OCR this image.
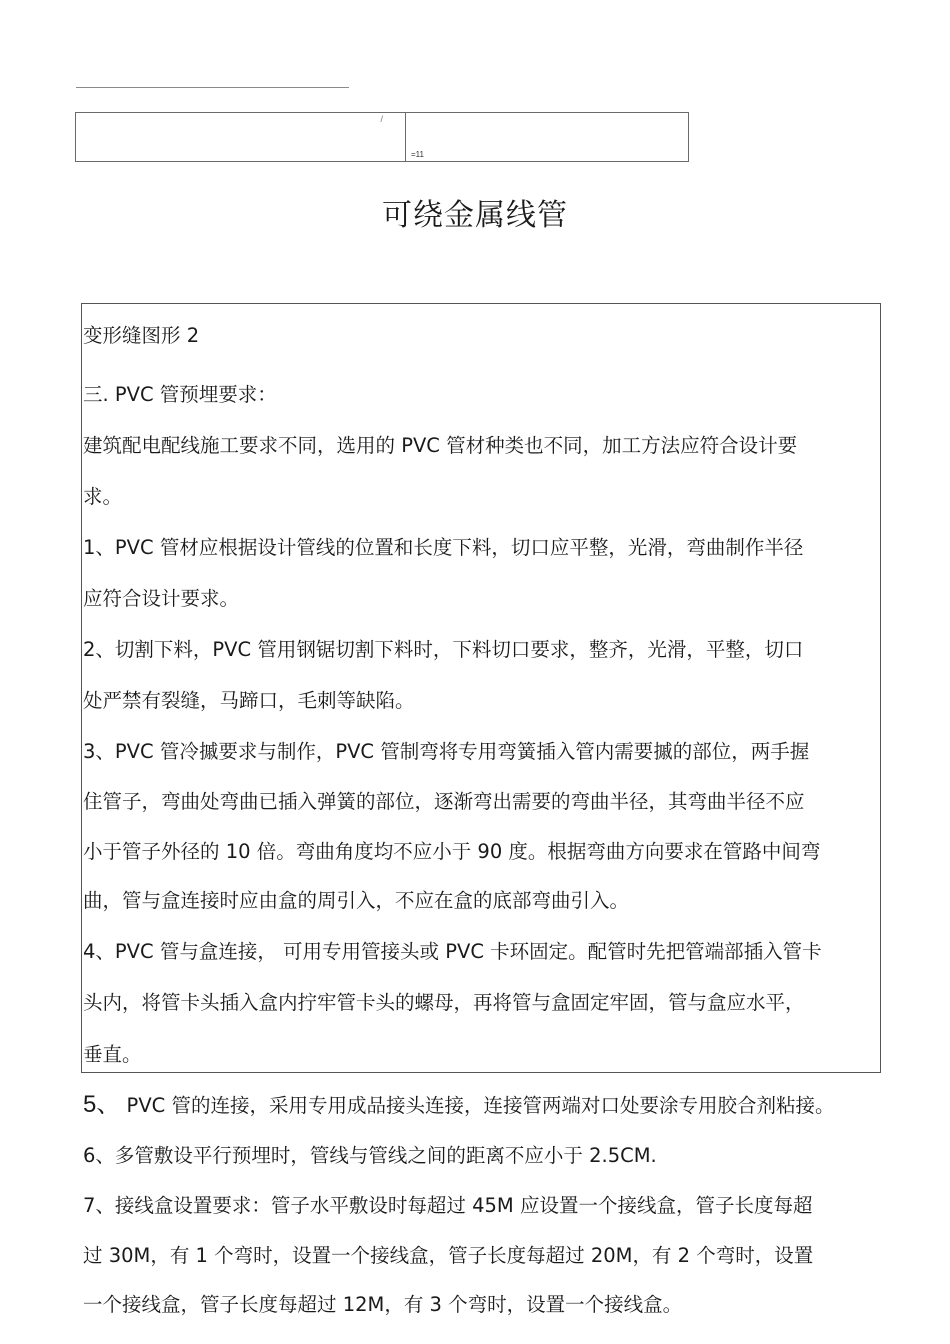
/
=11
可绕金属线管

变形缝图形 2

三. PVC 管预埋要求：

建筑配电配线施工要求不同，选用的 PVC 管材种类也不同，加工方法应符合设计要

求。

1、PVC 管材应根据设计管线的位置和长度下料，切口应平整，光滑，弯曲制作半径

应符合设计要求。

2、切割下料，PVC 管用钢锯切割下料时，下料切口要求，整齐，光滑，平整，切口

处严禁有裂缝，马蹄口，毛刺等缺陷。

3、PVC 管冷摵要求与制作，PVC 管制弯将专用弯簧插入管内需要摵的部位，两手握

住管子，弯曲处弯曲已插入弹簧的部位，逐渐弯出需要的弯曲半径，其弯曲半径不应

小于管子外径的 10 倍。弯曲角度均不应小于 90 度。根据弯曲方向要求在管路中间弯

曲，管与盒连接时应由盒的周引入，不应在盒的底部弯曲引入。

4、PVC 管与盒连接， 可用专用管接头或 PVC 卡环固定。配管时先把管端部插入管卡

头内，将管卡头插入盒内拧牢管卡头的螺母，再将管与盒固定牢固，管与盒应水平，

垂直。

5、 PVC 管的连接，采用专用成品接头连接，连接管两端对口处要涂专用胶合剂粘接。

6、多管敷设平行预埋时，管线与管线之间的距离不应小于 2.5CM.

7、接线盒设置要求：管子水平敷设时每超过 45M 应设置一个接线盒，管子长度每超

过 30M，有 1 个弯时，设置一个接线盒，管子长度每超过 20M，有 2 个弯时，设置

一个接线盒，管子长度每超过 12M，有 3 个弯时，设置一个接线盒。
